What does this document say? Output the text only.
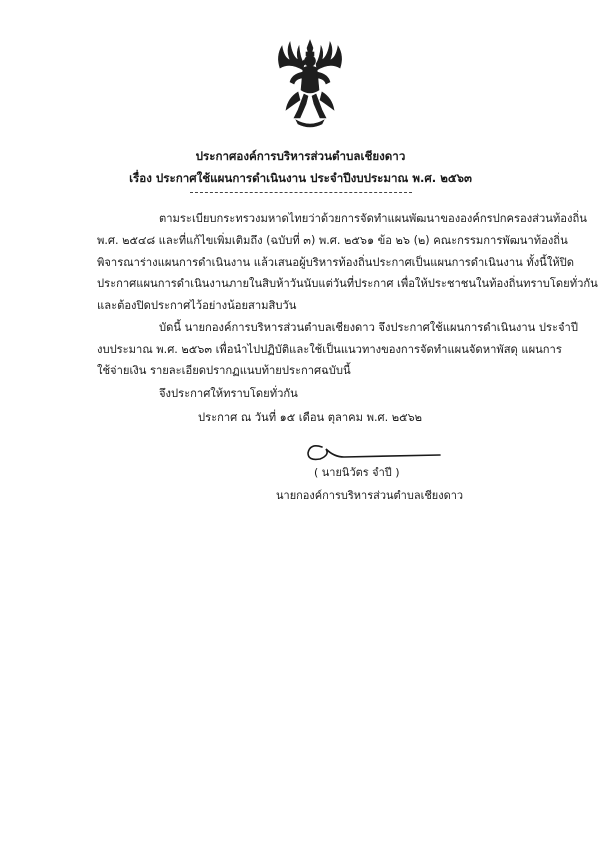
ประกาศองค์การบริหารส่วนตำบลเชียงดาว
เรื่อง ประกาศใช้แผนการดำเนินงาน ประจำปีงบประมาณ พ.ศ. ๒๕๖๓
ตามระเบียบกระทรวงมหาดไทยว่าด้วยการจัดทำแผนพัฒนาขององค์กรปกครองส่วนท้องถิ่น
พ.ศ. ๒๕๔๘ และที่แก้ไขเพิ่มเติมถึง (ฉบับที่ ๓) พ.ศ. ๒๕๖๑ ข้อ ๒๖ (๒) คณะกรรมการพัฒนาท้องถิ่น
พิจารณาร่างแผนการดำเนินงาน แล้วเสนอผู้บริหารท้องถิ่นประกาศเป็นแผนการดำเนินงาน ทั้งนี้ให้ปิด
ประกาศแผนการดำเนินงานภายในสิบห้าวันนับแต่วันที่ประกาศ เพื่อให้ประชาชนในท้องถิ่นทราบโดยทั่วกัน
และต้องปิดประกาศไว้อย่างน้อยสามสิบวัน
บัดนี้ นายกองค์การบริหารส่วนตำบลเชียงดาว จึงประกาศใช้แผนการดำเนินงาน ประจำปี
งบประมาณ พ.ศ. ๒๕๖๓ เพื่อนำไปปฏิบัติและใช้เป็นแนวทางของการจัดทำแผนจัดหาพัสดุ แผนการ
ใช้จ่ายเงิน รายละเอียดปรากฏแนบท้ายประกาศฉบับนี้
จึงประกาศให้ทราบโดยทั่วกัน
ประกาศ ณ วันที่ ๑๕ เดือน ตุลาคม พ.ศ. ๒๕๖๒
( นายนิวัตร จำปี )
นายกองค์การบริหารส่วนตำบลเชียงดาว
